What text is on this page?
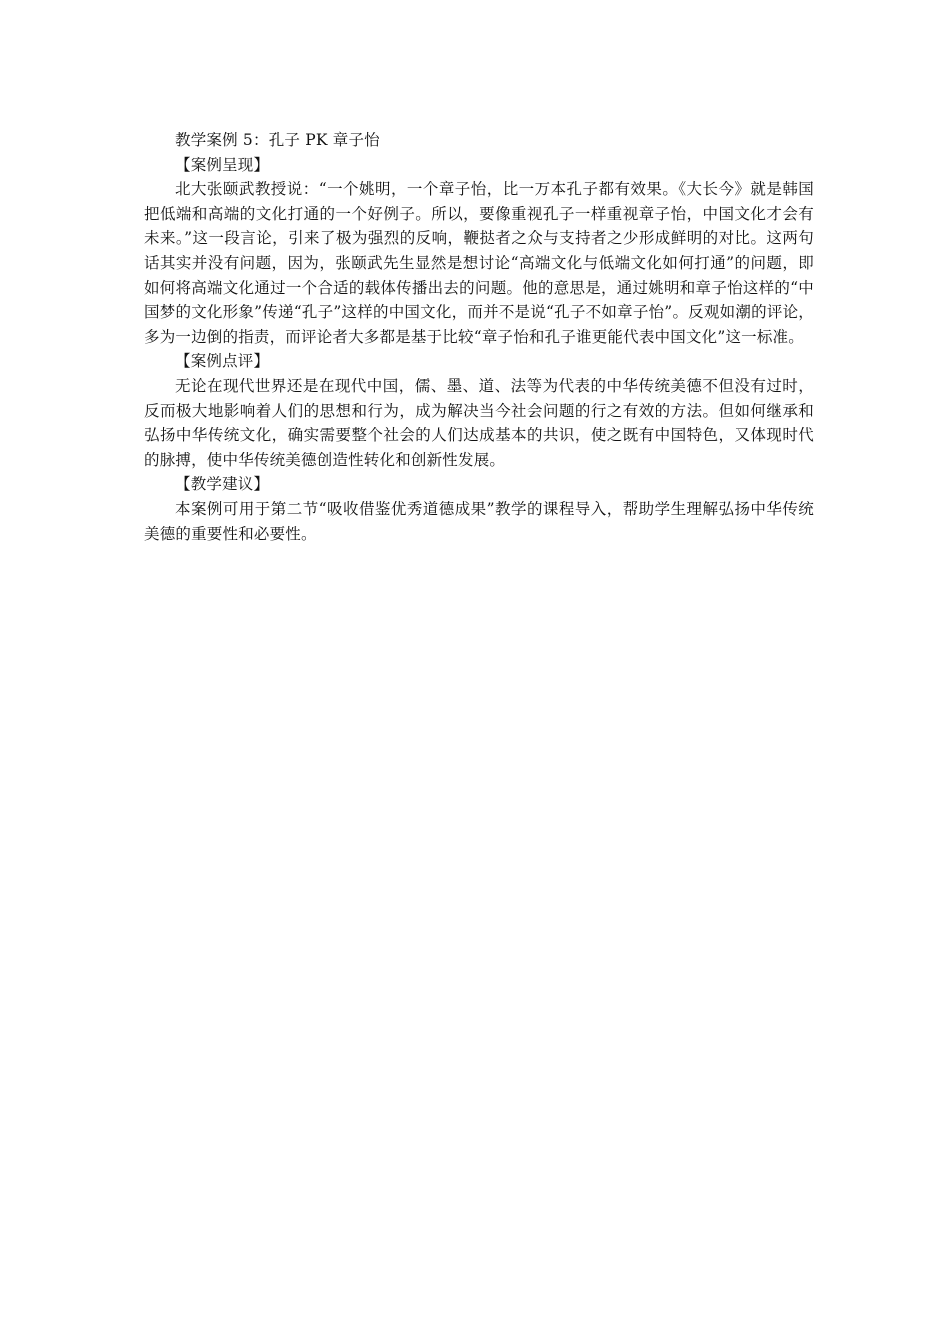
教学案例 5：孔子 PK 章子怡

【案例呈现】

北大张颐武教授说：“一个姚明，一个章子怡，比一万本孔子都有效果。《大长今》就是韩国把低端和高端的文化打通的一个好例子。所以，要像重视孔子一样重视章子怡，中国文化才会有未来。”这一段言论，引来了极为强烈的反响，鞭挞者之众与支持者之少形成鲜明的对比。这两句话其实并没有问题，因为，张颐武先生显然是想讨论“高端文化与低端文化如何打通”的问题，即如何将高端文化通过一个合适的载体传播出去的问题。他的意思是，通过姚明和章子怡这样的“中国梦的文化形象”传递“孔子”这样的中国文化，而并不是说“孔子不如章子怡”。反观如潮的评论，多为一边倒的指责，而评论者大多都是基于比较“章子怡和孔子谁更能代表中国文化”这一标准。

【案例点评】

无论在现代世界还是在现代中国，儒、墨、道、法等为代表的中华传统美德不但没有过时，反而极大地影响着人们的思想和行为，成为解决当今社会问题的行之有效的方法。但如何继承和弘扬中华传统文化，确实需要整个社会的人们达成基本的共识，使之既有中国特色，又体现时代的脉搏，使中华传统美德创造性转化和创新性发展。

【教学建议】

本案例可用于第二节“吸收借鉴优秀道德成果”教学的课程导入，帮助学生理解弘扬中华传统美德的重要性和必要性。
